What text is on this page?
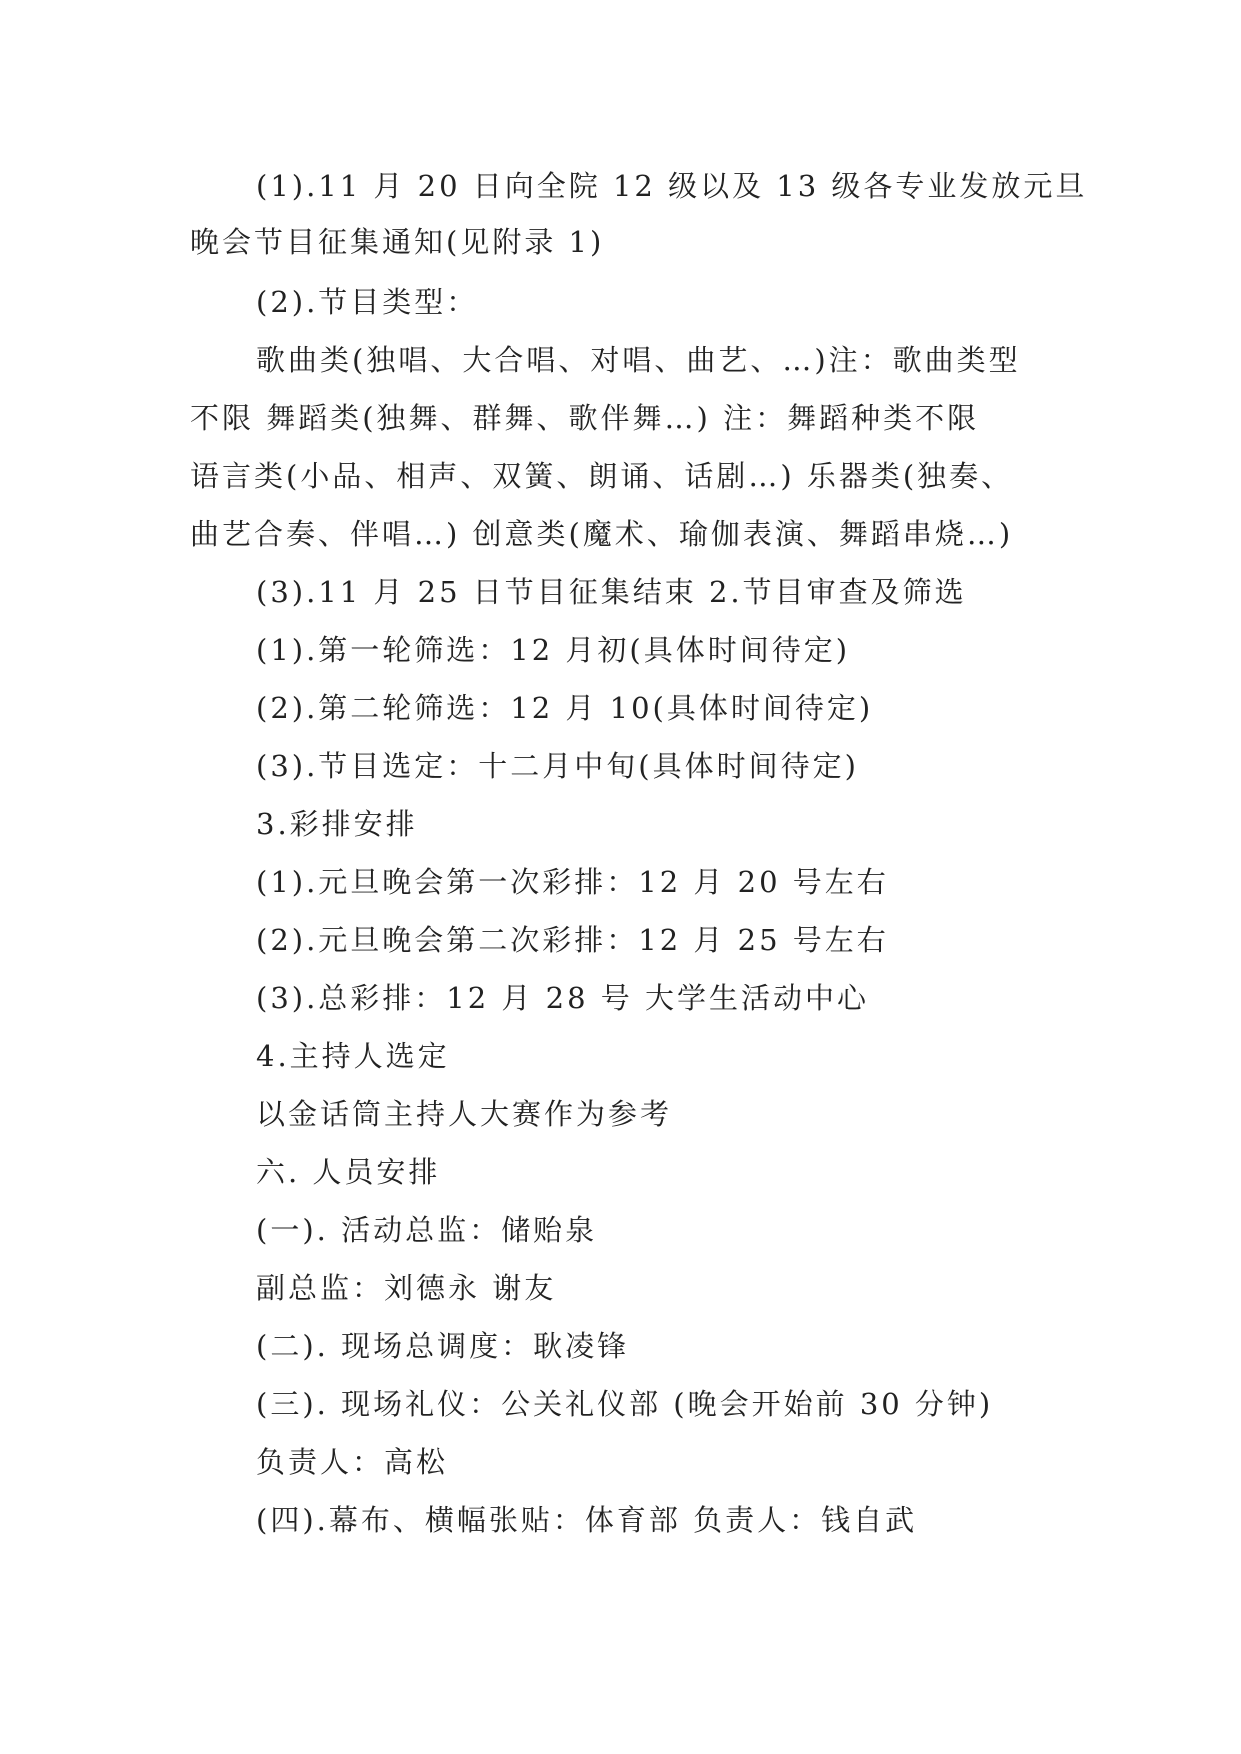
(1).11 月 20 日向全院 12 级以及 13 级各专业发放元旦
晚会节目征集通知(见附录 1)
(2).节目类型：
歌曲类(独唱、大合唱、对唱、曲艺、…)注：歌曲类型
不限 舞蹈类(独舞、群舞、歌伴舞…) 注：舞蹈种类不限
语言类(小品、相声、双簧、朗诵、话剧…) 乐器类(独奏、
曲艺合奏、伴唱…) 创意类(魔术、瑜伽表演、舞蹈串烧…)
(3).11 月 25 日节目征集结束 2.节目审查及筛选
(1).第一轮筛选：12 月初(具体时间待定)
(2).第二轮筛选：12 月 10(具体时间待定)
(3).节目选定：十二月中旬(具体时间待定)
3.彩排安排
(1).元旦晚会第一次彩排：12 月 20 号左右
(2).元旦晚会第二次彩排：12 月 25 号左右
(3).总彩排：12 月 28 号 大学生活动中心
4.主持人选定
以金话筒主持人大赛作为参考
六. 人员安排
(一). 活动总监：储贻泉
副总监：刘德永 谢友
(二). 现场总调度：耿凌锋
(三). 现场礼仪：公关礼仪部 (晚会开始前 30 分钟)
负责人：高松
(四).幕布、横幅张贴：体育部 负责人：钱自武
